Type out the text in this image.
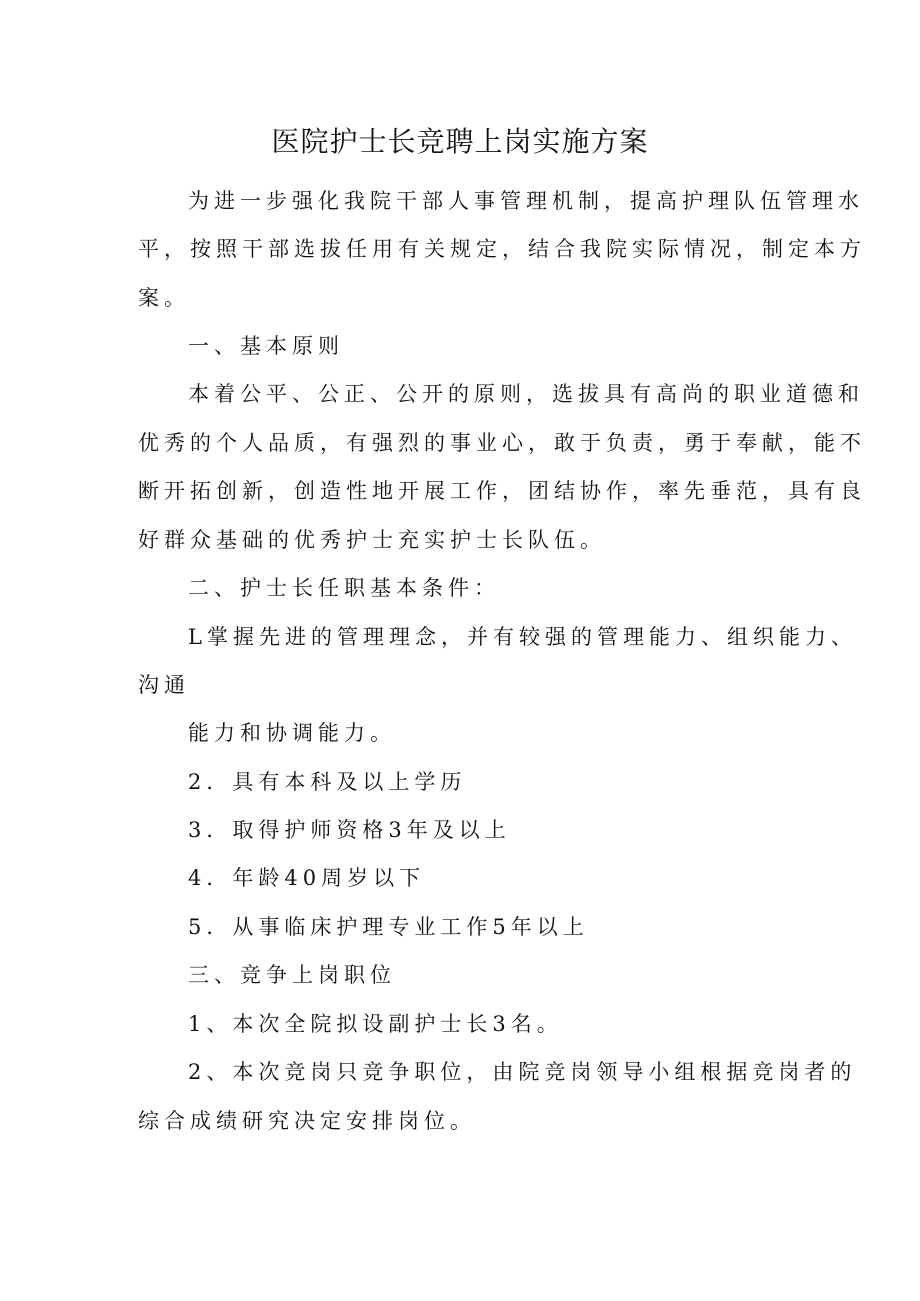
医院护士长竞聘上岗实施方案
为进一步强化我院干部人事管理机制，提高护理队伍管理水
平，按照干部选拔任用有关规定，结合我院实际情况，制定本方
案。
一、基本原则
本着公平、公正、公开的原则，选拔具有高尚的职业道德和
优秀的个人品质，有强烈的事业心，敢于负责，勇于奉献，能不
断开拓创新，创造性地开展工作，团结协作，率先垂范，具有良
好群众基础的优秀护士充实护士长队伍。
二、护士长任职基本条件：
L掌握先进的管理理念，并有较强的管理能力、组织能力、
沟通
能力和协调能力。
2．具有本科及以上学历
3．取得护师资格3年及以上
4．年龄40周岁以下
5．从事临床护理专业工作5年以上
三、竞争上岗职位
1、本次全院拟设副护士长3名。
2、本次竞岗只竞争职位，由院竞岗领导小组根据竞岗者的
综合成绩研究决定安排岗位。
